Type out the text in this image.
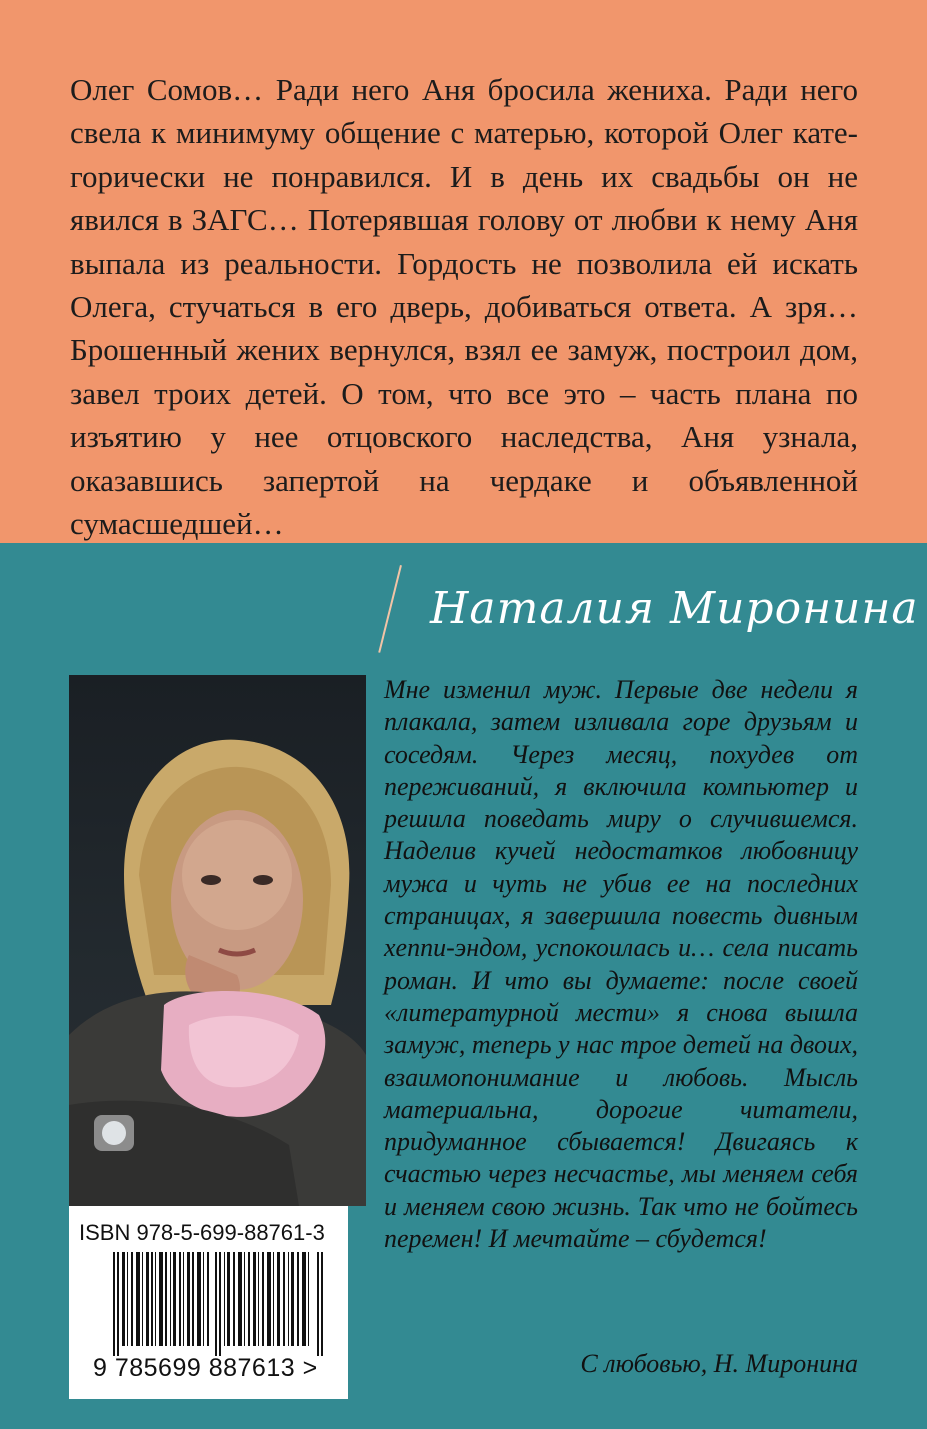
Олег Сомов… Ради него Аня бросила жениха. Ради него свела к минимуму общение с матерью, которой Олег категорически не понравился. И в день их свадьбы он не явился в ЗАГС… Потерявшая голову от любви к нему Аня выпала из реальности. Гордость не позволила ей искать Олега, стучаться в его дверь, добиваться ответа. А зря… Брошенный жених вернулся, взял ее замуж, построил дом, завел троих детей. О том, что все это – часть плана по изъятию у нее отцовского наследства, Аня узнала, оказавшись запертой на чердаке и объявленной сумасшедшей…

Наталия Миронина
ISBN 978-5-699-88761-3
9 785699 887613 >

Мне изменил муж. Первые две недели я плакала, затем изливала горе друзьям и соседям. Через месяц, похудев от переживаний, я включила компьютер и решила поведать миру о случившемся. Наделив кучей недостатков любовницу мужа и чуть не убив ее на последних страницах, я завершила повесть дивным хеппи-эндом, успокоилась и… села писать роман. И что вы думаете: после своей «литературной мести» я снова вышла замуж, теперь у нас трое детей на двоих, взаимопонимание и любовь. Мысль материальна, дорогие читатели, придуманное сбывается! Двигаясь к счастью через несчастье, мы меняем себя и меняем свою жизнь. Так что не бойтесь перемен! И мечтайте – сбудется!

С любовью, Н. Миронина
